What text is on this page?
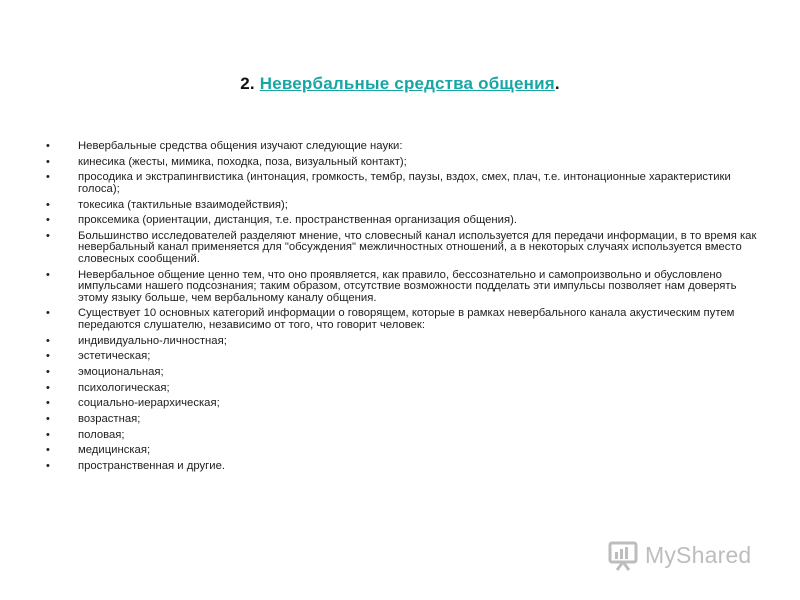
2. Невербальные средства общения.
• Невербальные средства общения изучают следующие науки:
• кинесика (жесты, мимика, походка, поза, визуальный контакт);
• просодика и экстрапингвистика (интонация, громкость, тембр, паузы, вздох, смех, плач, т.е. интонационные характеристики голоса);
• токесика (тактильные взаимодействия);
• проксемика (ориентации, дистанция, т.е. пространственная организация общения).
• Большинство исследователей разделяют мнение, что словесный канал используется для передачи информации, в то время как невербальный канал применяется для "обсуждения" межличностных отношений, а в некоторых случаях используется вместо словесных сообщений.
• Невербальное общение ценно тем, что оно проявляется, как правило, бессознательно и самопроизвольно и обусловлено импульсами нашего подсознания; таким образом, отсутствие возможности подделать эти импульсы позволяет нам доверять этому языку больше, чем вербальному каналу общения.
• Существует 10 основных категорий информации о говорящем, которые в рамках невербального канала акустическим путем передаются слушателю, независимо от того, что говорит человек:
• индивидуально-личностная;
• эстетическая;
• эмоциональная;
• психологическая;
• социально-иерархическая;
• возрастная;
• половая;
• медицинская;
• пространственная и другие.
MyShared
